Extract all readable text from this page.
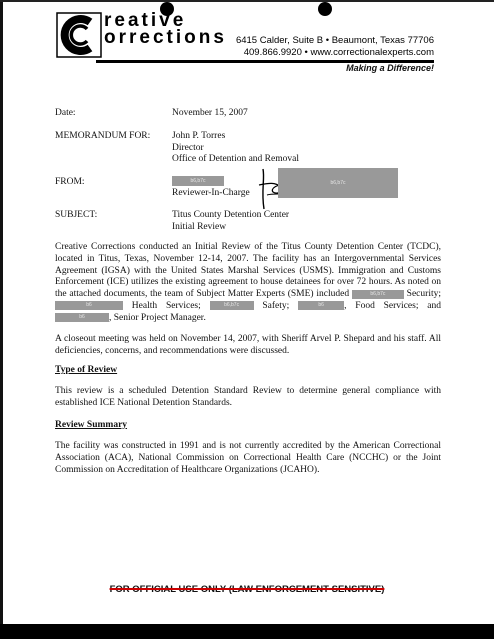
reative
orrections 6415 Calder, Suite B • Beaumont, Texas 77706
409.866.9920 • www.correctionalexperts.com
Making a Difference!
Date:	November 15, 2007
MEMORANDUM FOR: John P. Torres
Director
Office of Detention and Removal
FROM:	b6,b7c
Reviewer-In-Charge
b6,b7c
SUBJECT:	Titus County Detention Center
Initial Review
Creative Corrections conducted an Initial Review of the Titus County Detention Center (TCDC), located in Titus, Texas, November 12-14, 2007. The facility has an Intergovernmental Services Agreement (IGSA) with the United States Marshal Services (USMS). Immigration and Customs Enforcement (ICE) utilizes the existing agreement to house detainees for over 72 hours. As noted on the attached documents, the team of Subject Matter Experts (SME) included	b6,b7c Security; b6	Health Services;	b6,b7c Safety;	b6 , Food Services; and b6	, Senior Project Manager.
A closeout meeting was held on November 14, 2007, with Sheriff Arvel P. Shepard and his staff. All deficiencies, concerns, and recommendations were discussed.
Type of Review
This review is a scheduled Detention Standard Review to determine general compliance with established ICE National Detention Standards.
Review Summary
The facility was constructed in 1991 and is not currently accredited by the American Correctional Association (ACA), National Commission on Correctional Health Care (NCCHC) or the Joint Commission on Accreditation of Healthcare Organizations (JCAHO).
FOR OFFICIAL USE ONLY (LAW ENFORCEMENT SENSITIVE)
